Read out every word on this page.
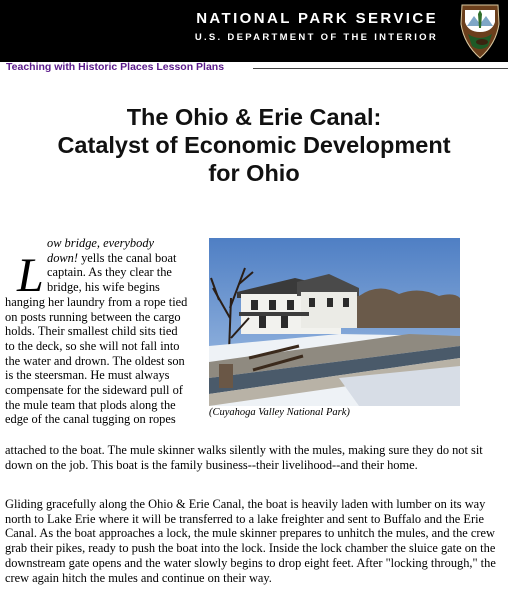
NATIONAL PARK SERVICE
U.S. DEPARTMENT OF THE INTERIOR
Teaching with Historic Places Lesson Plans
The Ohio & Erie Canal:
Catalyst of Economic Development
for Ohio
L

ow bridge, everybody
down! yells the canal boat
captain. As they clear the
bridge, his wife begins
hanging her laundry from a rope tied
on posts running between the cargo
holds. Their smallest child sits tied
to the deck, so she will not fall into
the water and drown. The oldest son
is the steersman. He must always
compensate for the sideward pull of
the mule team that plods along the
edge of the canal tugging on ropes	(Cuyahoga Valley National Park)

attached to the boat. The mule skinner walks silently with the mules, making sure they do not sit down on the job. This boat is the family business--their livelihood--and their home.

Gliding gracefully along the Ohio & Erie Canal, the boat is heavily laden with lumber on its way north to Lake Erie where it will be transferred to a lake freighter and sent to Buffalo and the Erie Canal. As the boat approaches a lock, the mule skinner prepares to unhitch the mules, and the crew grab their pikes, ready to push the boat into the lock. Inside the lock chamber the sluice gate on the downstream gate opens and the water slowly begins to drop eight feet. After "locking through," the crew again hitch the mules and continue on their way.
